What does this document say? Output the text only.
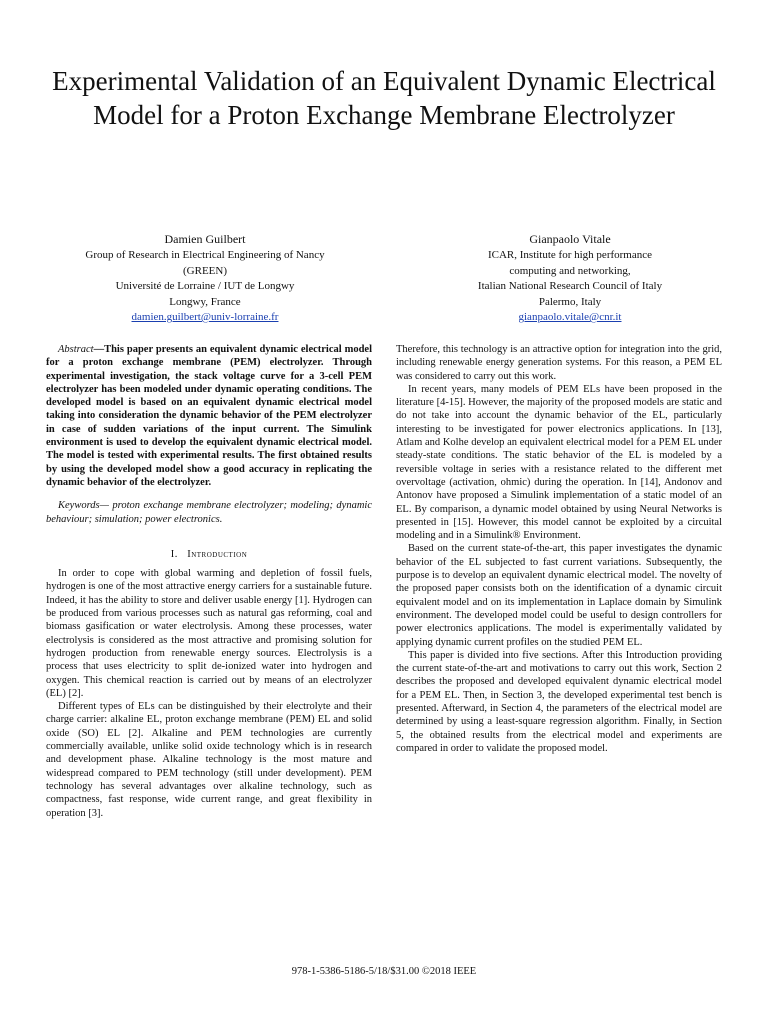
Experimental Validation of an Equivalent Dynamic Electrical Model for a Proton Exchange Membrane Electrolyzer
Damien Guilbert
Group of Research in Electrical Engineering of Nancy
(GREEN)
Université de Lorraine / IUT de Longwy
Longwy, France
damien.guilbert@univ-lorraine.fr
Gianpaolo Vitale
ICAR, Institute for high performance
computing and networking,
Italian National Research Council of Italy
Palermo, Italy
gianpaolo.vitale@cnr.it

Abstract—This paper presents an equivalent dynamic electrical model for a proton exchange membrane (PEM) electrolyzer. Through experimental investigation, the stack voltage curve for a 3-cell PEM electrolyzer has been modeled under dynamic operating conditions. The developed model is based on an equivalent dynamic electrical model taking into consideration the dynamic behavior of the PEM electrolyzer in case of sudden variations of the input current. The Simulink environment is used to develop the equivalent dynamic electrical model. The model is tested with experimental results. The first obtained results by using the developed model show a good accuracy in replicating the dynamic behavior of the electrolyzer.

Keywords— proton exchange membrane electrolyzer; modeling; dynamic behaviour; simulation; power electronics.

I. Introduction

In order to cope with global warming and depletion of fossil fuels, hydrogen is one of the most attractive energy carriers for a sustainable future. Indeed, it has the ability to store and deliver usable energy [1]. Hydrogen can be produced from various processes such as natural gas reforming, coal and biomass gasification or water electrolysis. Among these processes, water electrolysis is considered as the most attractive and promising solution for hydrogen production from renewable energy sources. Electrolysis is a process that uses electricity to split de-ionized water into hydrogen and oxygen. This chemical reaction is carried out by means of an electrolyzer (EL) [2].

Different types of ELs can be distinguished by their electrolyte and their charge carrier: alkaline EL, proton exchange membrane (PEM) EL and solid oxide (SO) EL [2]. Alkaline and PEM technologies are currently commercially available, unlike solid oxide technology which is in research and development phase. Alkaline technology is the most mature and widespread compared to PEM technology (still under development). PEM technology has several advantages over alkaline technology, such as compactness, fast response, wide current range, and great flexibility in operation [3].

Therefore, this technology is an attractive option for integration into the grid, including renewable energy generation systems. For this reason, a PEM EL was considered to carry out this work.

In recent years, many models of PEM ELs have been proposed in the literature [4-15]. However, the majority of the proposed models are static and do not take into account the dynamic behavior of the EL, particularly interesting to be investigated for power electronics applications. In [13], Atlam and Kolhe develop an equivalent electrical model for a PEM EL under steady-state conditions. The static behavior of the EL is modeled by a reversible voltage in series with a resistance related to the different met overvoltage (activation, ohmic) during the operation. In [14], Andonov and Antonov have proposed a Simulink implementation of a static model of an EL. By comparison, a dynamic model obtained by using Neural Networks is presented in [15]. However, this model cannot be exploited by a circuital modeling and in a Simulink® Environment.

Based on the current state-of-the-art, this paper investigates the dynamic behavior of the EL subjected to fast current variations. Subsequently, the purpose is to develop an equivalent dynamic electrical model. The novelty of the proposed paper consists both on the identification of a dynamic circuit equivalent model and on its implementation in Laplace domain by Simulink environment. The developed model could be useful to design controllers for power electronics applications. The model is experimentally validated by applying dynamic current profiles on the studied PEM EL.

This paper is divided into five sections. After this Introduction providing the current state-of-the-art and motivations to carry out this work, Section 2 describes the proposed and developed equivalent dynamic electrical model for a PEM EL. Then, in Section 3, the developed experimental test bench is presented. Afterward, in Section 4, the parameters of the electrical model are determined by using a least-square regression algorithm. Finally, in Section 5, the obtained results from the electrical model and experiments are compared in order to validate the proposed model.

978-1-5386-5186-5/18/$31.00 ©2018 IEEE
